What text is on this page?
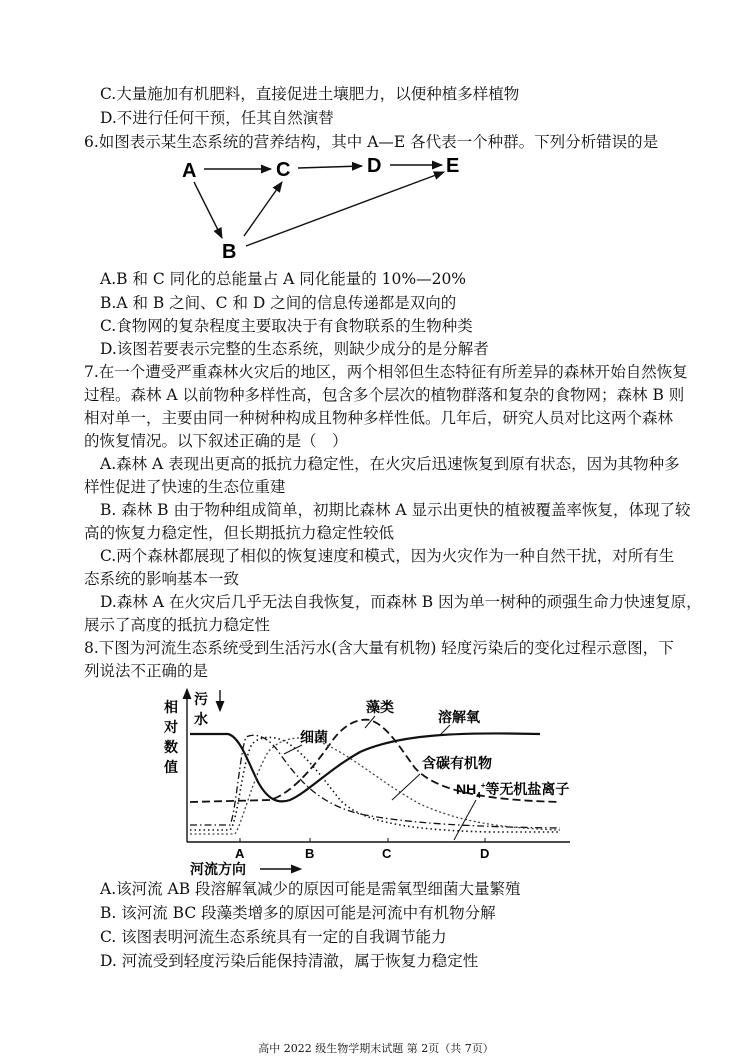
C.大量施加有机肥料，直接促进土壤肥力，以便种植多样植物
D.不进行任何干预，任其自然演替
6.如图表示某生态系统的营养结构，其中 A—E 各代表一个种群。下列分析错误的是
A
B
C	D	E
A.B 和 C 同化的总能量占 A 同化能量的 10%—20%
B.A 和 B 之间、C 和 D 之间的信息传递都是双向的
C.食物网的复杂程度主要取决于有食物联系的生物种类
D.该图若要表示完整的生态系统，则缺少成分的是分解者
7.在一个遭受严重森林火灾后的地区，两个相邻但生态特征有所差异的森林开始自然恢复
过程。森林 A 以前物种多样性高，包含多个层次的植物群落和复杂的食物网；森林 B 则
相对单一，主要由同一种树种构成且物种多样性低。几年后，研究人员对比这两个森林
的恢复情况。以下叙述正确的是（　）
A.森林 A 表现出更高的抵抗力稳定性，在火灾后迅速恢复到原有状态，因为其物种多
样性促进了快速的生态位重建
B. 森林 B 由于物种组成简单，初期比森林 A 显示出更快的植被覆盖率恢复，体现了较
高的恢复力稳定性，但长期抵抗力稳定性较低
C.两个森林都展现了相似的恢复速度和模式，因为火灾作为一种自然干扰，对所有生
态系统的影响基本一致
D.森林 A 在火灾后几乎无法自我恢复，而森林 B 因为单一树种的顽强生命力快速复原，
展示了高度的抵抗力稳定性
8.下图为河流生态系统受到生活污水(含大量有机物) 轻度污染后的变化过程示意图，下
列说法不正确的是
相
对
数
值
污
水
A	B	C	D
河流方向
藻类
溶解氧
细菌
含碳有机物
$NH_4^+$等无机盐离子
A.该河流 AB 段溶解氧减少的原因可能是需氧型细菌大量繁殖
B. 该河流 BC 段藻类增多的原因可能是河流中有机物分解
C. 该图表明河流生态系统具有一定的自我调节能力
D. 河流受到轻度污染后能保持清澈，属于恢复力稳定性
高中 2022 级生物学期末试题 第 2页（共 7页）
